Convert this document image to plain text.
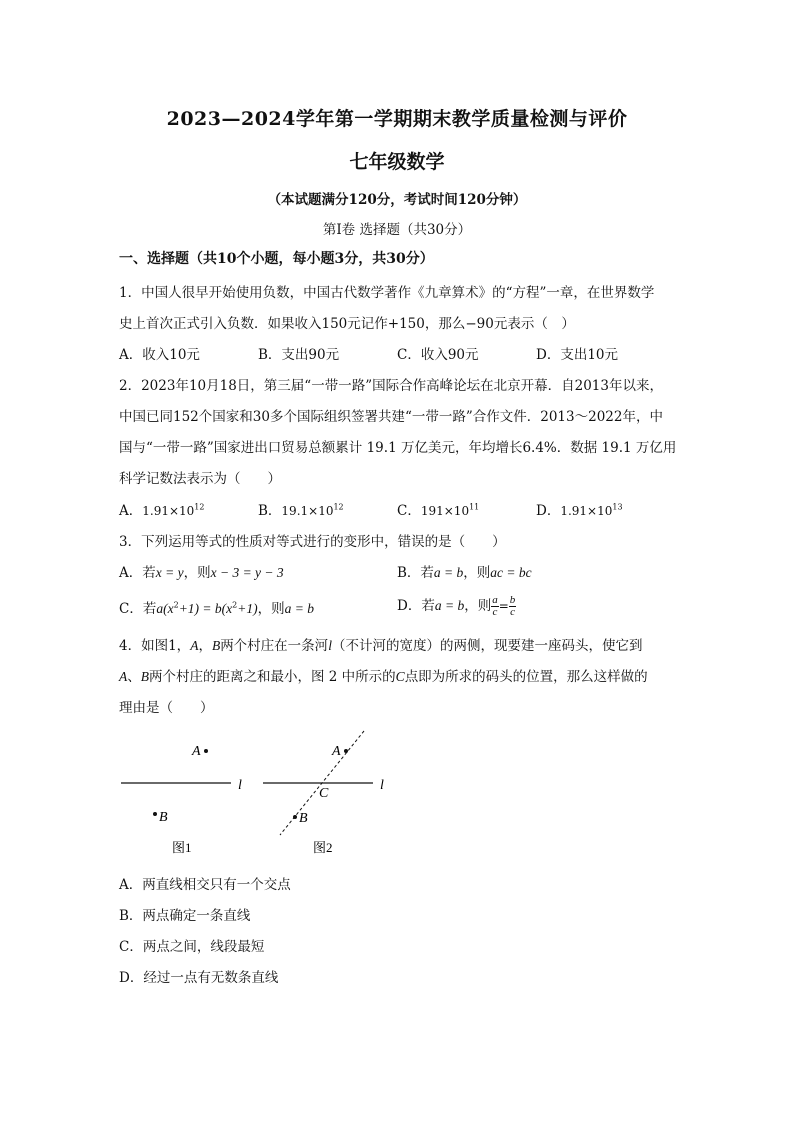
2023—2024学年第一学期期末教学质量检测与评价
七年级数学
（本试题满分120分，考试时间120分钟）
第Ⅰ卷 选择题（共30分）
一、选择题（共10个小题，每小题3分，共30分）
1．中国人很早开始使用负数，中国古代数学著作《九章算术》的“方程”一章，在世界数学
史上首次正式引入负数．如果收入150元记作+150，那么−90元表示（　）
A．收入10元	B．支出90元	C．收入90元	D．支出10元
2．2023年10月18日，第三届“一带一路”国际合作高峰论坛在北京开幕．自2013年以来，
中国已同152个国家和30多个国际组织签署共建“一带一路”合作文件．2013～2022年，中
国与“一带一路”国家进出口贸易总额累计 19.1 万亿美元，年均增长6.4%．数据 19.1 万亿用
科学记数法表示为（　　）
A．$1.91\times 10^{12}$	B．$19.1\times 10^{12}$	C．$191\times 10^{11}$	D．$1.91\times 10^{13}$
3．下列运用等式的性质对等式进行的变形中，错误的是（　　）
A．若x = y，则x − 3 = y − 3	B．若a = b，则ac = bc
C．若$a(x^2+1) = b(x^2+1)$，则a = b	D．若a = b，则 $\frac{a}{c} = \frac{b}{c}$
4．如图1，A，B两个村庄在一条河l（不计河的宽度）的两侧，现要建一座码头，使它到
A、B两个村庄的距离之和最小，图 2 中所示的C点即为所求的码头的位置，那么这样做的
理由是（　　）
l
A
B
图1
l
A
C
B
图2
A．两直线相交只有一个交点
B．两点确定一条直线
C．两点之间，线段最短
D．经过一点有无数条直线
